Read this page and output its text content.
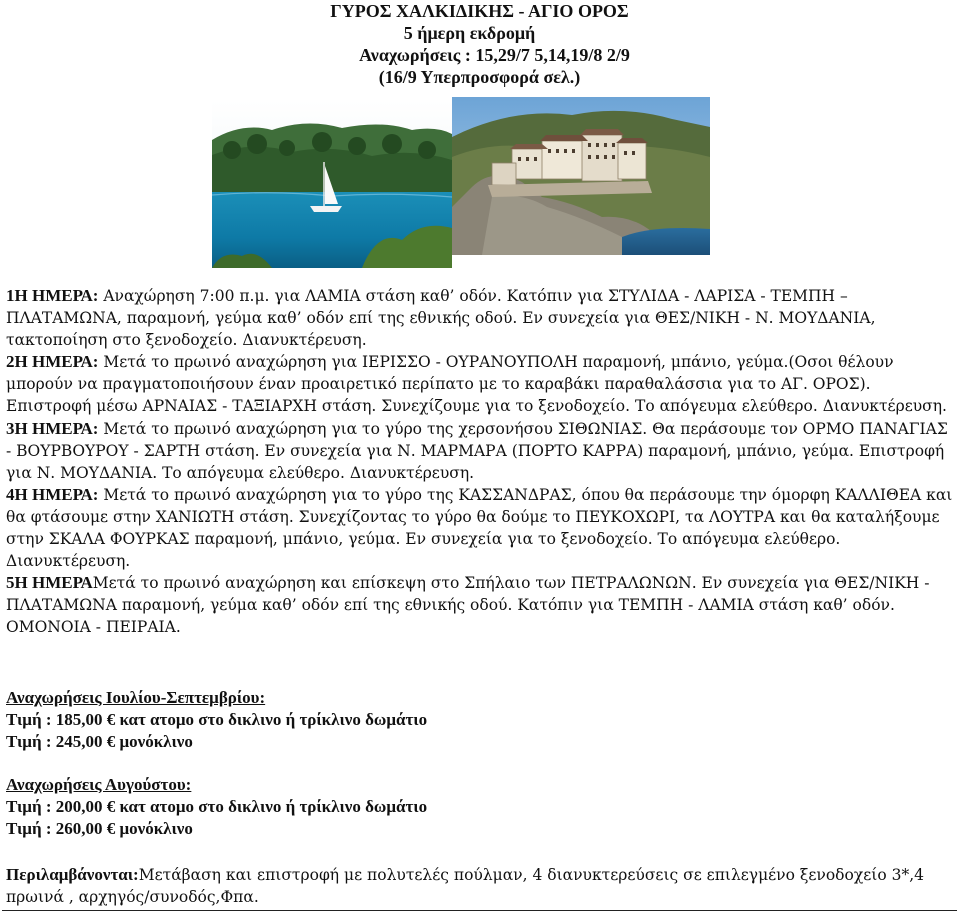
ΓΥΡΟΣ ΧΑΛΚΙΔΙΚΗΣ - ΑΓΙΟ ΟΡΟΣ
5 ήμερη εκδρομή
Αναχωρήσεις : 15,29/7 5,14,19/8 2/9
(16/9 Υπερπροσφορά σελ.)

1Η ΗΜΕΡΑ: Αναχώρηση 7:00 π.μ. για ΛΑΜΙΑ στάση καθ’ οδόν. Κατόπιν για ΣΤΥΛΙΔΑ - ΛΑΡΙΣΑ - ΤΕΜΠΗ – ΠΛΑΤΑΜΩΝΑ, παραμονή, γεύμα καθ’ οδόν επί της εθνικής οδού. Εν συνεχεία για ΘΕΣ/ΝΙΚΗ - Ν. ΜΟΥΔΑΝΙΑ, τακτοποίηση στο ξενοδοχείο. Διανυκτέρευση.

2Η ΗΜΕΡΑ: Μετά το πρωινό αναχώρηση για ΙΕΡΙΣΣΟ - ΟΥΡΑΝΟΥΠΟΛΗ παραμονή, μπάνιο, γεύμα.(Οσοι θέλουν μπορούν να πραγματοποιήσουν έναν προαιρετικό περίπατο με το καραβάκι παραθαλάσσια για το ΑΓ. ΟΡΟΣ). Επιστροφή μέσω ΑΡΝΑΙΑΣ - ΤΑΞΙΑΡΧΗ στάση. Συνεχίζουμε για το ξενοδοχείο. Το απόγευμα ελεύθερο. Διανυκτέρευση.

3Η ΗΜΕΡΑ: Μετά το πρωινό αναχώρηση για το γύρο της χερσονήσου ΣΙΘΩΝΙΑΣ. Θα περάσουμε τον ΟΡΜΟ ΠΑΝΑΓΙΑΣ - ΒΟΥΡΒΟΥΡΟΥ - ΣΑΡΤΗ στάση. Εν συνεχεία για Ν. ΜΑΡΜΑΡΑ (ΠΟΡΤΟ ΚΑΡΡΑ) παραμονή, μπάνιο, γεύμα. Επιστροφή για Ν. ΜΟΥΔΑΝΙΑ. Το απόγευμα ελεύθερο. Διανυκτέρευση.

4Η ΗΜΕΡΑ: Μετά το πρωινό αναχώρηση για το γύρο της ΚΑΣΣΑΝΔΡΑΣ, όπου θα περάσουμε την όμορφη ΚΑΛΛΙΘΕΑ και θα φτάσουμε στην ΧΑΝΙΩΤΗ στάση. Συνεχίζοντας το γύρο θα δούμε το ΠΕΥΚΟΧΩΡΙ, τα ΛΟΥΤΡΑ και θα καταλήξουμε στην ΣΚΑΛΑ ΦΟΥΡΚΑΣ παραμονή, μπάνιο, γεύμα. Εν συνεχεία για το ξενοδοχείο. Το απόγευμα ελεύθερο. Διανυκτέρευση.

5Η ΗΜΕΡΑΜετά το πρωινό αναχώρηση και επίσκεψη στο Σπήλαιο των ΠΕΤΡΑΛΩΝΩΝ. Εν συνεχεία για ΘΕΣ/ΝΙΚΗ - ΠΛΑΤΑΜΩΝΑ παραμονή, γεύμα καθ’ οδόν επί της εθνικής οδού. Κατόπιν για ΤΕΜΠΗ - ΛΑΜΙΑ στάση καθ’ οδόν. ΟΜΟΝΟΙΑ - ΠΕΙΡΑΙΑ.

Αναχωρήσεις Ιουλίου-Σεπτεμβρίου:

Τιμή : 185,00 € κατ ατομο στο δικλινο ή τρίκλινο δωμάτιο

Τιμή : 245,00 € μονόκλινο

Αναχωρήσεις Αυγούστου:

Τιμή : 200,00 € κατ ατομο στο δικλινο ή τρίκλινο δωμάτιο

Τιμή : 260,00 € μονόκλινο

Περιλαμβάνονται:Μετάβαση και επιστροφή με πολυτελές πούλμαν, 4 διανυκτερεύσεις σε επιλεγμένο ξενοδοχείο 3*,4 πρωινά , αρχηγός/συνοδός,Φπα.
